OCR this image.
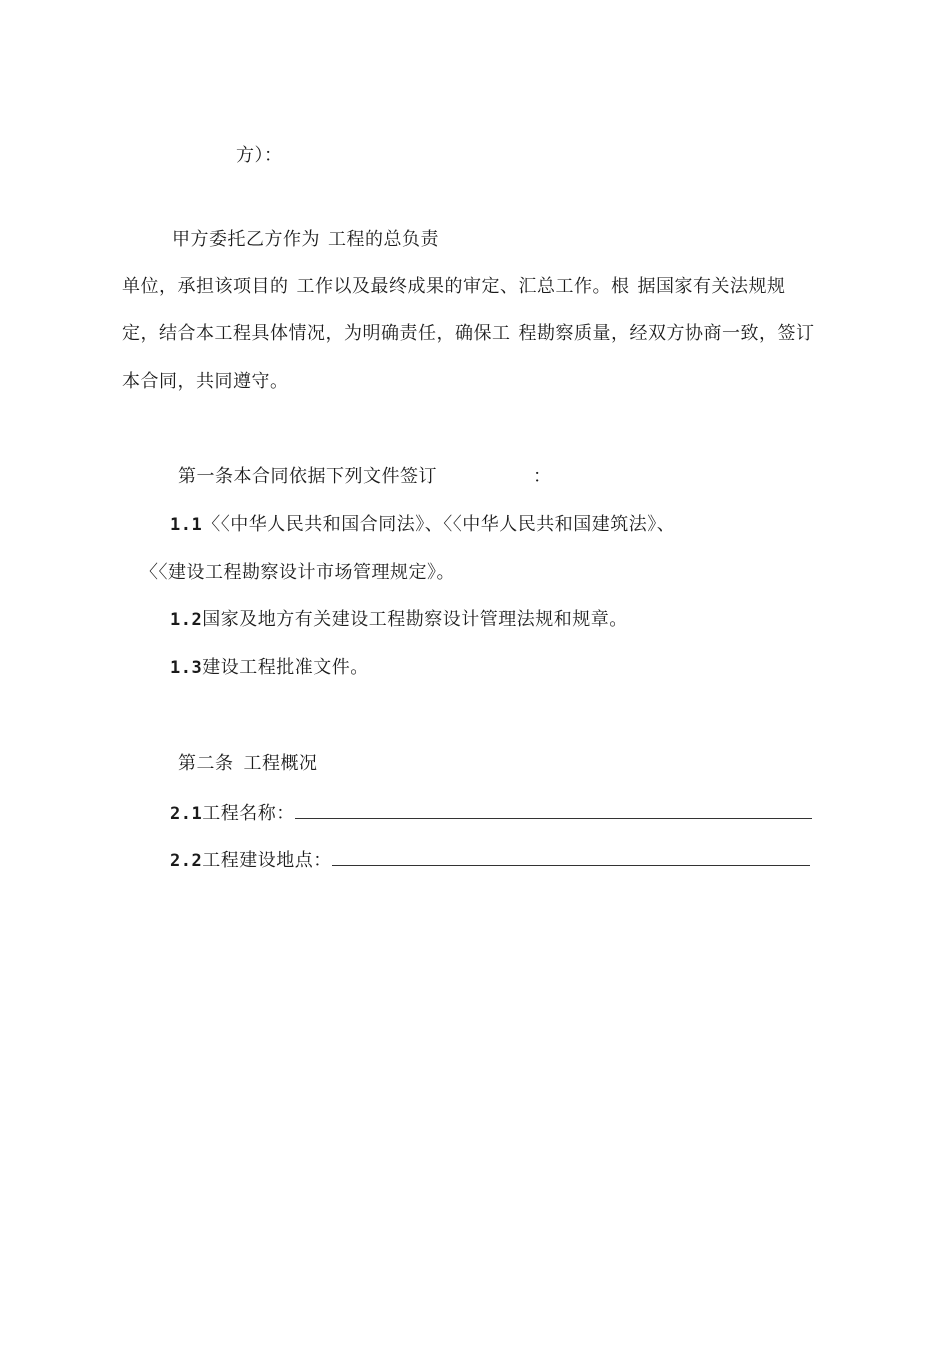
方）：
甲方委托乙方作为 工程的总负责
单位，承担该项目的 工作以及最终成果的审定、汇总工作。根 据国家有关法规规
定，结合本工程具体情况，为明确责任，确保工 程勘察质量，经双方协商一致，签订
本合同，共同遵守。
第一条本合同依据下列文件签订	：
1.1〈〈中华人民共和国合同法》、〈〈中华人民共和国建筑法》、
〈〈建设工程勘察设计市场管理规定》。
1.2国家及地方有关建设工程勘察设计管理法规和规章。
1.3建设工程批准文件。
第二条 工程概况
2.1工程名称：
2.2工程建设地点：
